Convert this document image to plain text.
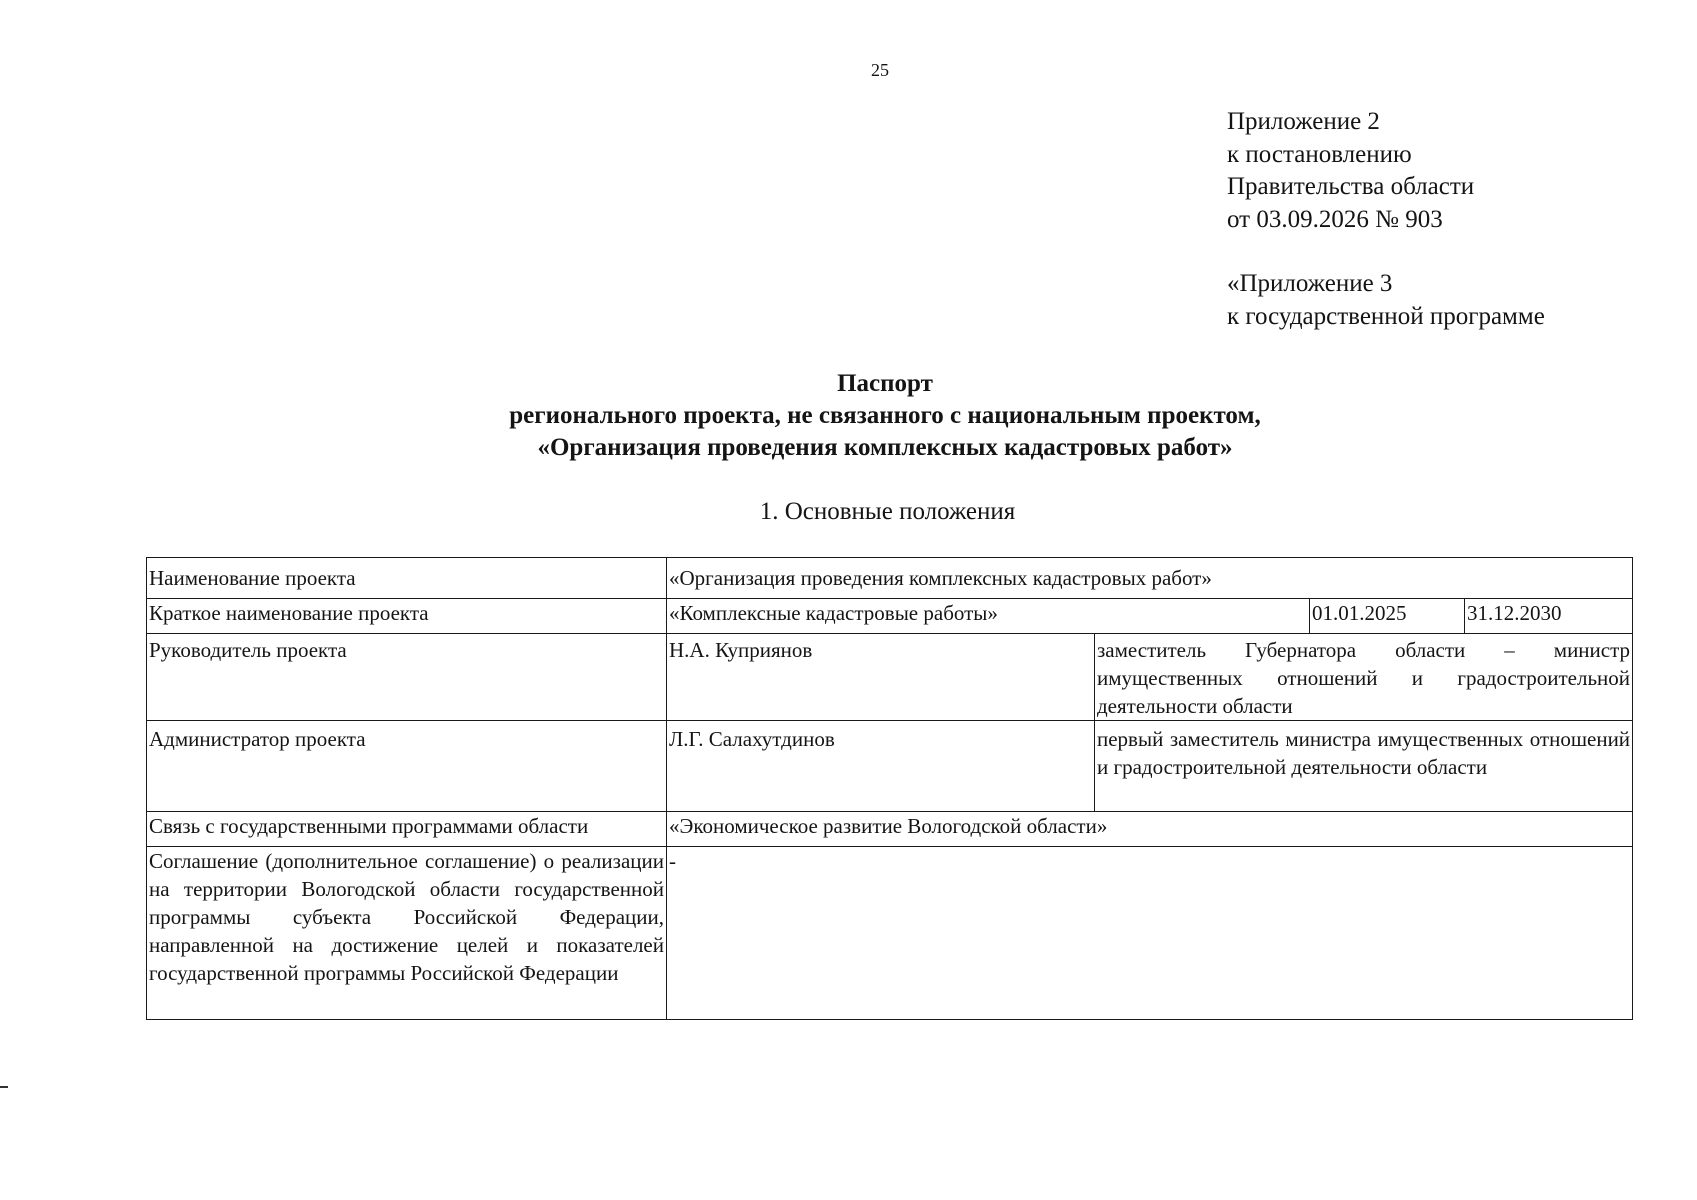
25
Приложение 2
к постановлению
Правительства области
от 03.09.2026 № 903
«Приложение 3
к государственной программе
Паспорт
регионального проекта, не связанного с национальным проектом,
«Организация проведения комплексных кадастровых работ»
1. Основные положения
Наименование проекта	«Организация проведения комплексных кадастровых работ»			
Краткое наименование проекта	«Комплексные кадастровые работы»		01.01.2025	31.12.2030
Руководитель проекта	Н.А. Куприянов	заместитель Губернатора области – министр имущественных отношений и градостроительной деятельности области		
Администратор проекта	Л.Г. Салахутдинов	первый заместитель министра имущественных отношений и градостроительной деятельности области		
Связь с государственными программами области	«Экономическое развитие Вологодской области»			
Соглашение (дополнительное соглашение) о реализации на территории Вологодской области государственной программы субъекта Российской Федерации, направленной на достижение целей и показателей государственной программы Российской Федерации	-			
